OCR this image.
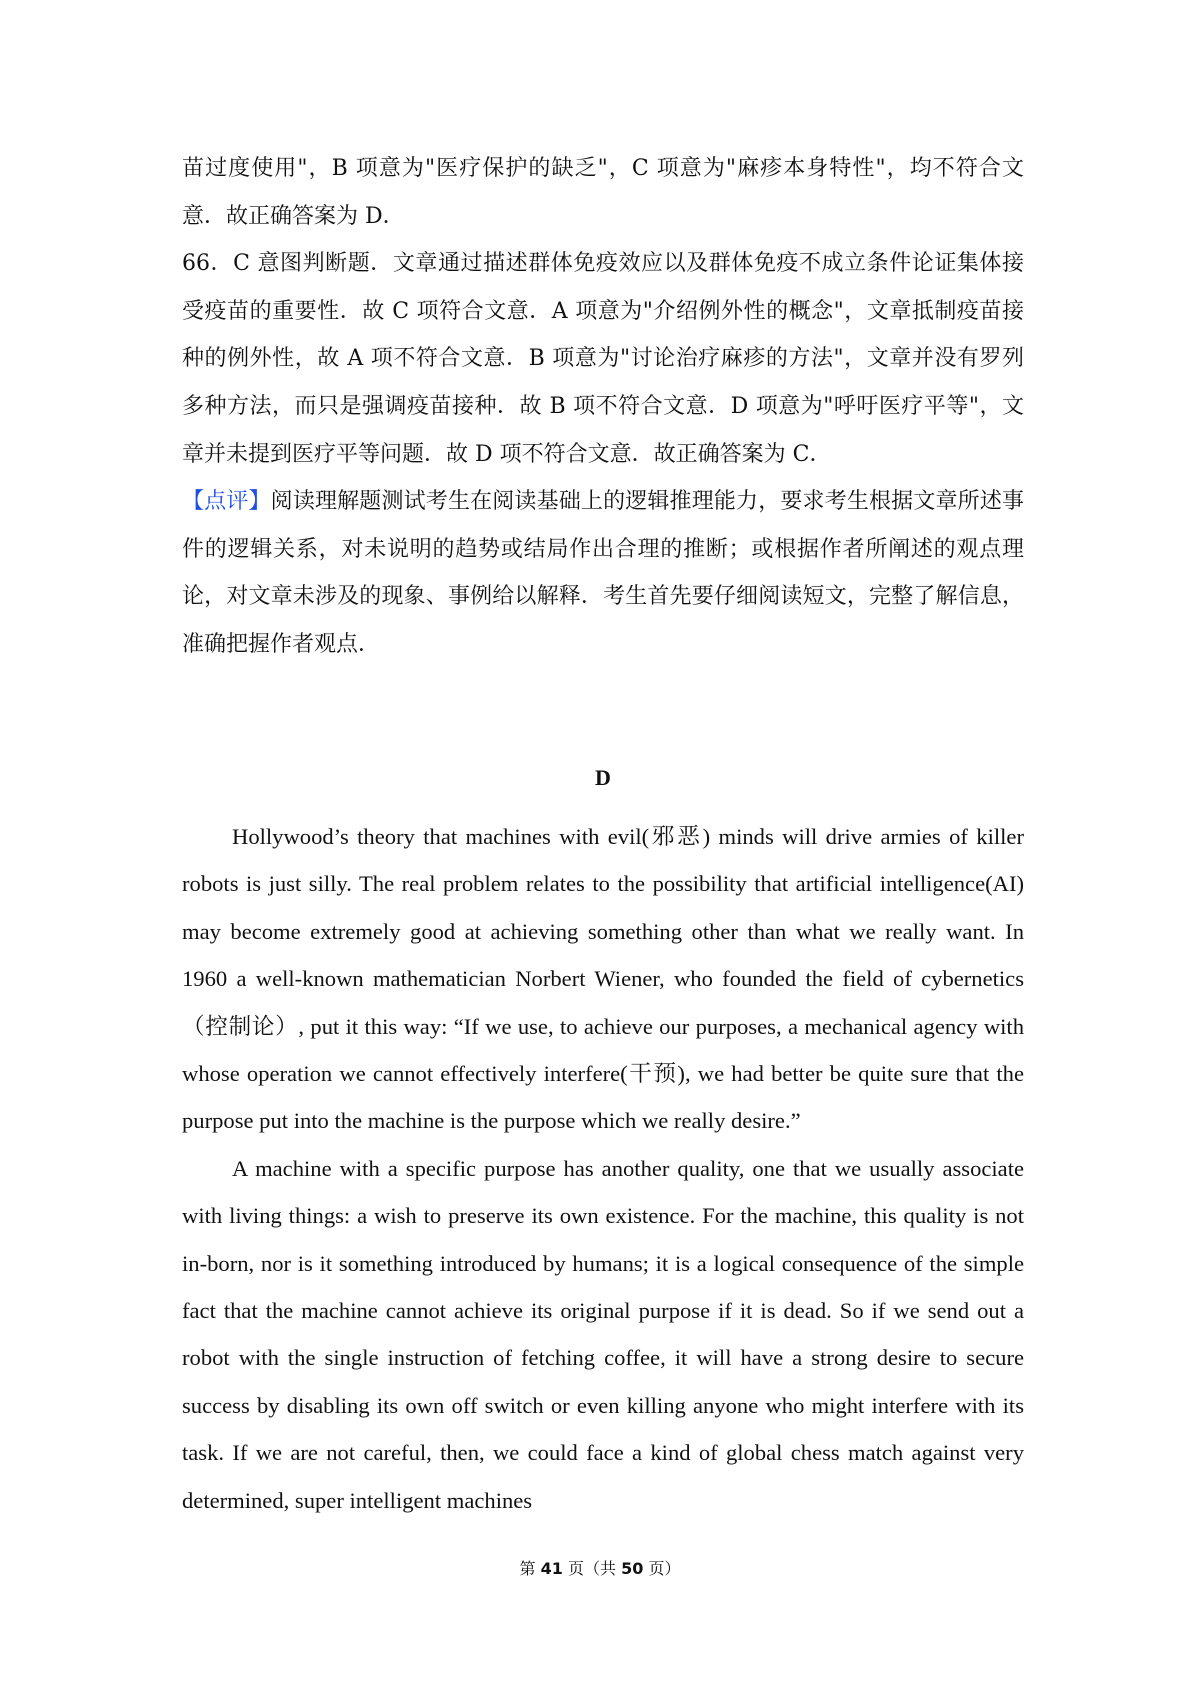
苗过度使用"，B 项意为"医疗保护的缺乏"，C 项意为"麻疹本身特性"，均不符合文意．故正确答案为 D．

66．C 意图判断题．文章通过描述群体免疫效应以及群体免疫不成立条件论证集体接受疫苗的重要性．故 C 项符合文意．A 项意为"介绍例外性的概念"，文章抵制疫苗接种的例外性，故 A 项不符合文意．B 项意为"讨论治疗麻疹的方法"，文章并没有罗列多种方法，而只是强调疫苗接种．故 B 项不符合文意．D 项意为"呼吁医疗平等"，文章并未提到医疗平等问题．故 D 项不符合文意．故正确答案为 C．

【点评】阅读理解题测试考生在阅读基础上的逻辑推理能力，要求考生根据文章所述事件的逻辑关系，对未说明的趋势或结局作出合理的推断；或根据作者所阐述的观点理论，对文章未涉及的现象、事例给以解释．考生首先要仔细阅读短文，完整了解信息，准确把握作者观点．

D

Hollywood’s theory that machines with evil(邪恶) minds will drive armies of killer robots is just silly. The real problem relates to the possibility that artificial intelligence(AI) may become extremely good at achieving something other than what we really want. In 1960 a well-known mathematician Norbert Wiener, who founded the field of cybernetics（控制论）, put it this way: “If we use, to achieve our purposes, a mechanical agency with whose operation we cannot effectively interfere(干预), we had better be quite sure that the purpose put into the machine is the purpose which we really desire.”

A machine with a specific purpose has another quality, one that we usually associate with living things: a wish to preserve its own existence. For the machine, this quality is not in-born, nor is it something introduced by humans; it is a logical consequence of the simple fact that the machine cannot achieve its original purpose if it is dead. So if we send out a robot with the single instruction of fetching coffee, it will have a strong desire to secure success by disabling its own off switch or even killing anyone who might interfere with its task. If we are not careful, then, we could face a kind of global chess match against very determined, super intelligent machines

第 41 页（共 50 页）
